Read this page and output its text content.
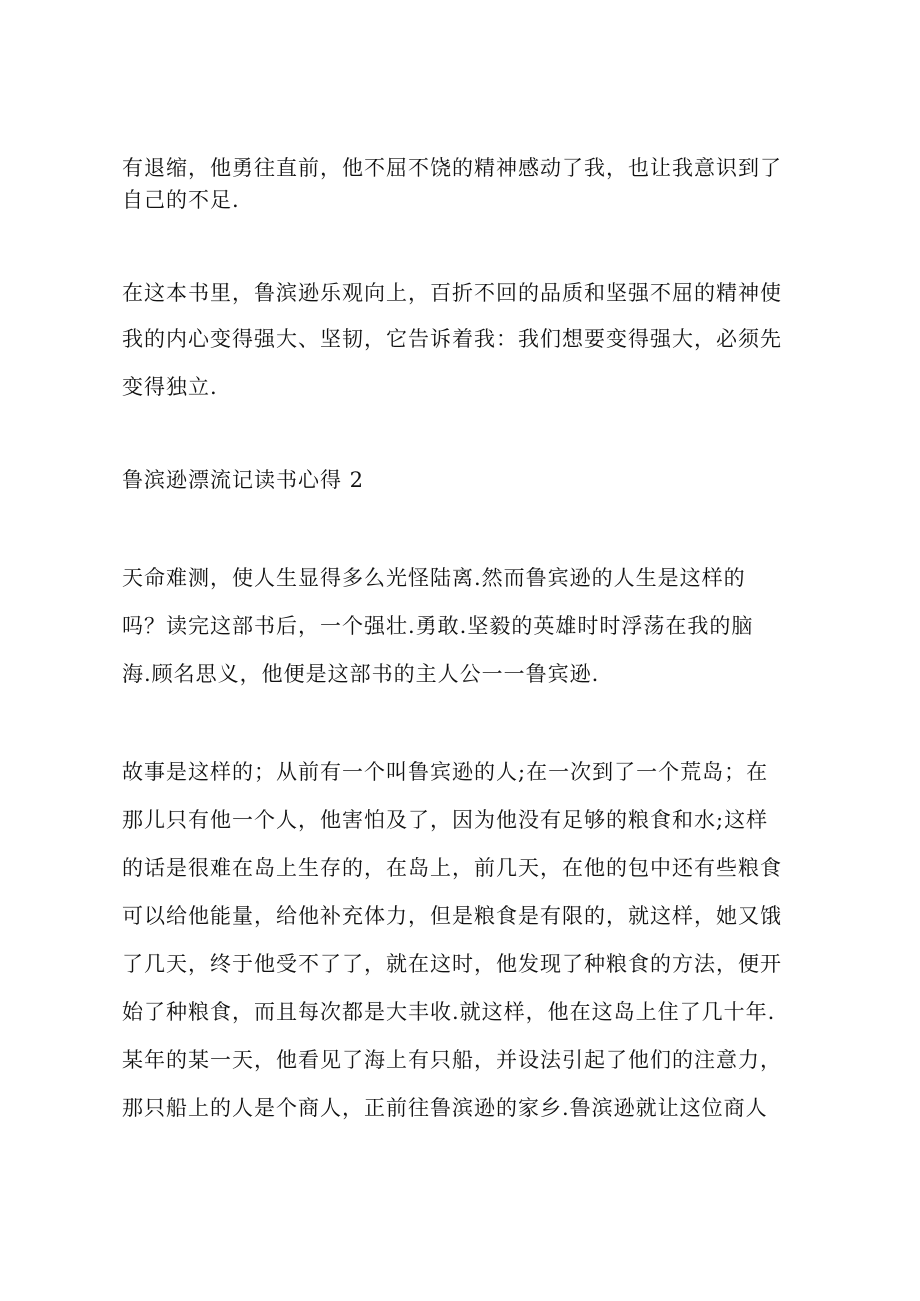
有退缩，他勇往直前，他不屈不饶的精神感动了我，也让我意识到了
自己的不足.
在这本书里，鲁滨逊乐观向上，百折不回的品质和坚强不屈的精神使
我的内心变得强大、坚韧，它告诉着我：我们想要变得强大，必须先
变得独立.
鲁滨逊漂流记读书心得 2
天命难测，使人生显得多么光怪陆离.然而鲁宾逊的人生是这样的
吗？读完这部书后，一个强壮.勇敢.坚毅的英雄时时浮荡在我的脑
海.顾名思义，他便是这部书的主人公一一鲁宾逊.
故事是这样的；从前有一个叫鲁宾逊的人;在一次到了一个荒岛；在
那儿只有他一个人，他害怕及了，因为他没有足够的粮食和水;这样
的话是很难在岛上生存的，在岛上，前几天，在他的包中还有些粮食
可以给他能量，给他补充体力，但是粮食是有限的，就这样，她又饿
了几天，终于他受不了了，就在这时，他发现了种粮食的方法，便开
始了种粮食，而且每次都是大丰收.就这样，他在这岛上住了几十年.
某年的某一天，他看见了海上有只船，并设法引起了他们的注意力，
那只船上的人是个商人，正前往鲁滨逊的家乡.鲁滨逊就让这位商人
